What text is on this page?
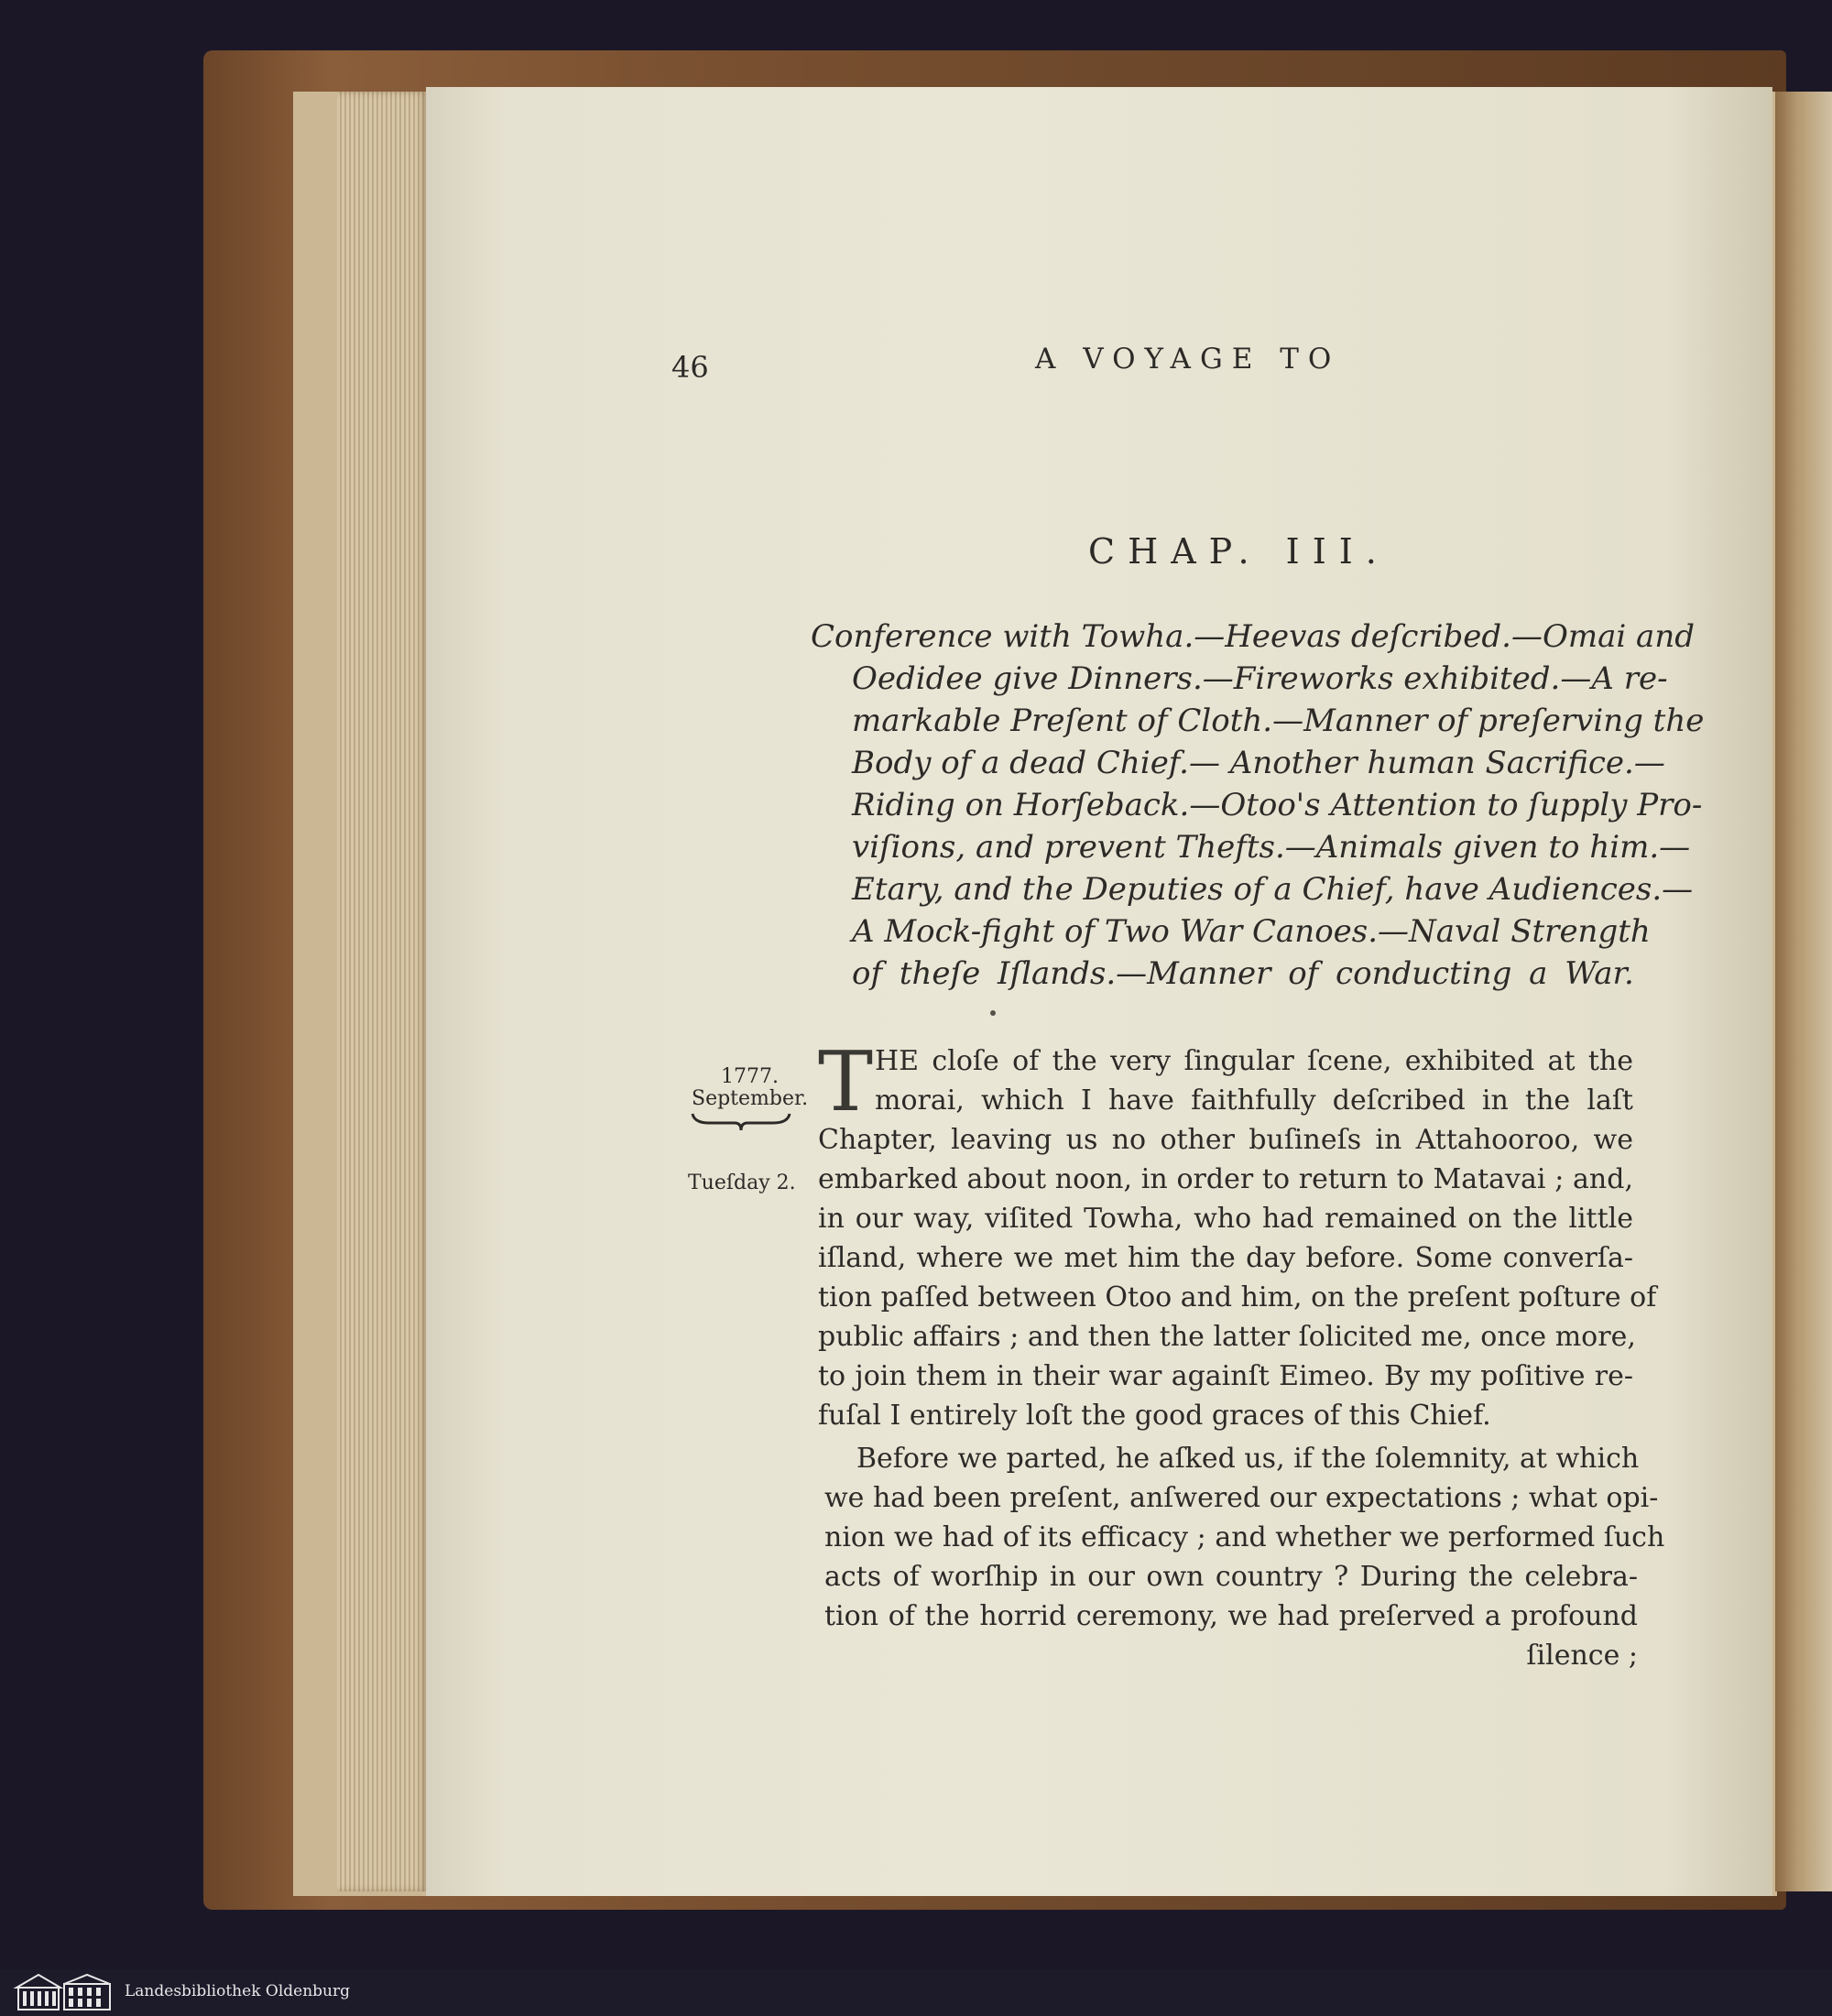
46	A VOYAGE TO
CHAP. III.
Conference with Towha.—Heevas deſcribed.—Omai and
Oedidee give Dinners.—Fireworks exhibited.—A re-
markable Preſent of Cloth.—Manner of preſerving the
Body of a dead Chief.— Another human Sacrifice.—
Riding on Horſeback.—Otoo's Attention to ſupply Pro-
viſions, and prevent Thefts.—Animals given to him.—
Etary, and the Deputies of a Chief, have Audiences.—
A Mock-fight of Two War Canoes.—Naval Strength
of theſe Iſlands.—Manner of conducting a War.
1777.
September.
Tueſday 2.
T HE cloſe of the very ſingular ſcene, exhibited at the
morai, which I have faithfully deſcribed in the laſt
Chapter, leaving us no other buſineſs in Attahooroo, we
embarked about noon, in order to return to Matavai ; and,
in our way, viſited Towha, who had remained on the little
iſland, where we met him the day before. Some converſa-
tion paſſed between Otoo and him, on the preſent poſture of
public affairs ; and then the latter ſolicited me, once more,
to join them in their war againſt Eimeo. By my poſitive re-
fuſal I entirely loſt the good graces of this Chief.
Before we parted, he aſked us, if the ſolemnity, at which
we had been preſent, anſwered our expectations ; what opi-
nion we had of its efficacy ; and whether we performed ſuch
acts of worſhip in our own country ? During the celebra-
tion of the horrid ceremony, we had preſerved a profound
ſilence ;
Landesbibliothek Oldenburg
